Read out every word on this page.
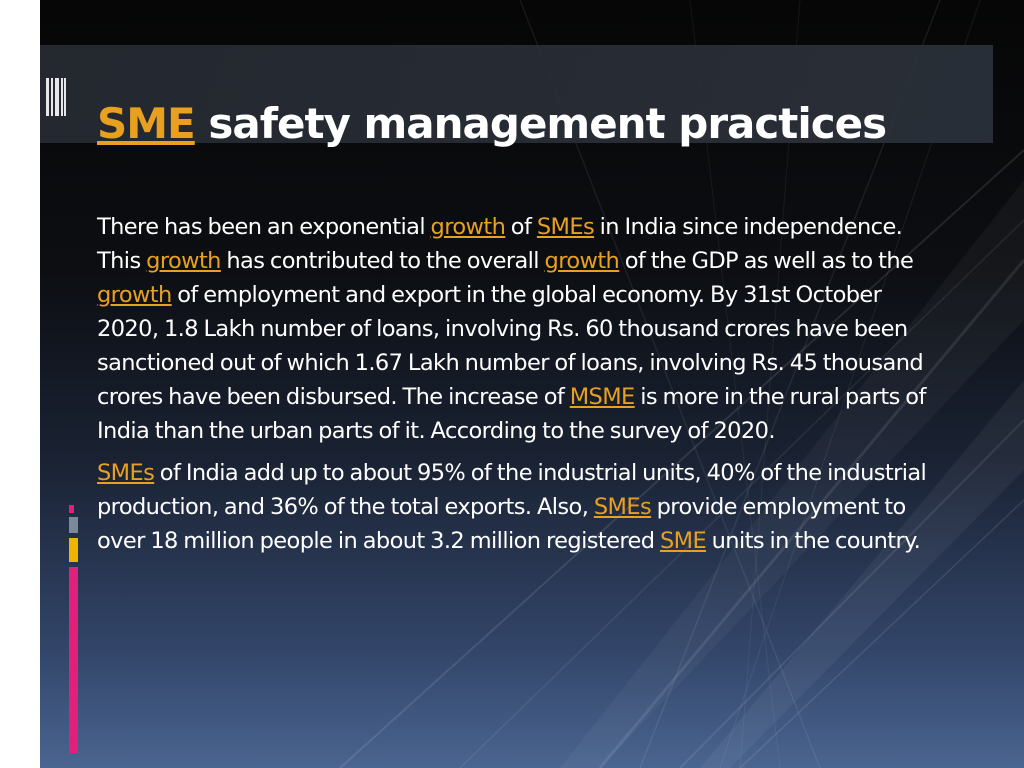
SME safety management practices

There has been an exponential growth of SMEs in India since independence. This growth has contributed to the overall growth of the GDP as well as to the growth of employment and export in the global economy. By 31st October 2020, 1.8 Lakh number of loans, involving Rs. 60 thousand crores have been sanctioned out of which 1.67 Lakh number of loans, involving Rs. 45 thousand crores have been disbursed. The increase of MSME is more in the rural parts of India than the urban parts of it. According to the survey of 2020.

SMEs of India add up to about 95% of the industrial units, 40% of the industrial production, and 36% of the total exports. Also, SMEs provide employment to over 18 million people in about 3.2 million registered SME units in the country.
